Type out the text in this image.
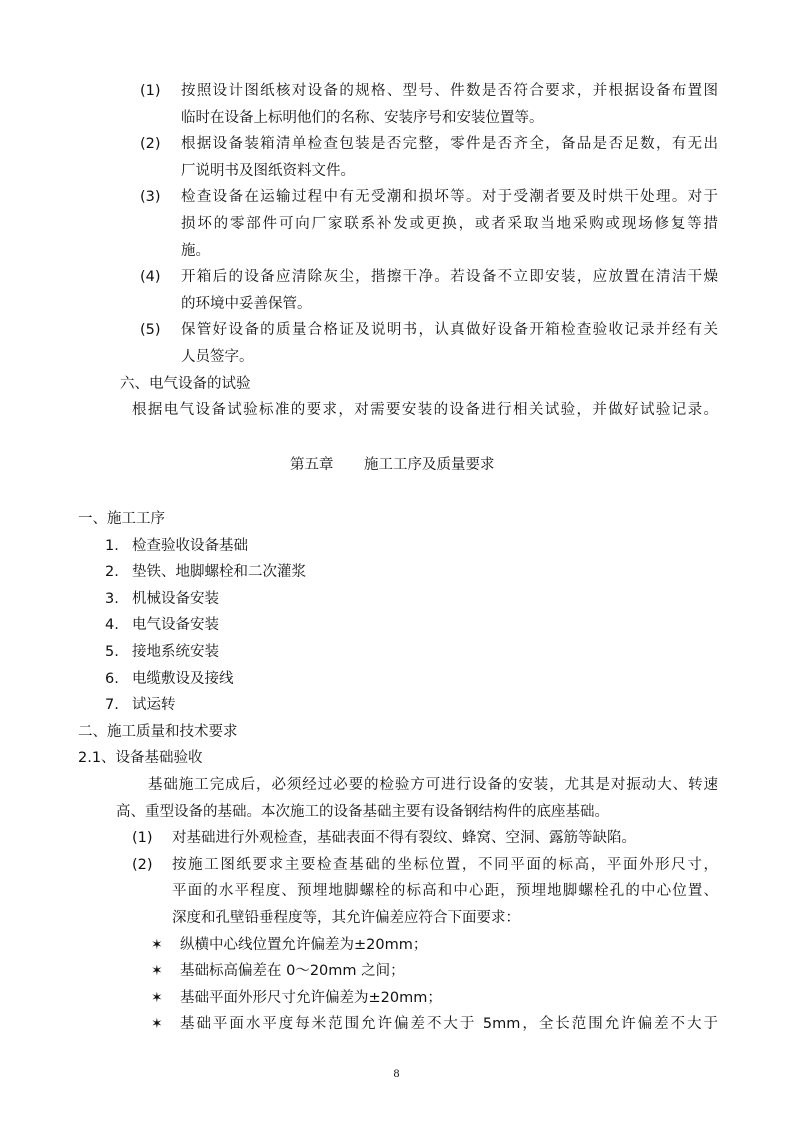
(1) 按照设计图纸核对设备的规格、型号、件数是否符合要求，并根据设备布置图
临时在设备上标明他们的名称、安装序号和安装位置等。
(2) 根据设备装箱清单检查包装是否完整，零件是否齐全，备品是否足数，有无出
厂说明书及图纸资料文件。
(3) 检查设备在运输过程中有无受潮和损坏等。对于受潮者要及时烘干处理。对于
损坏的零部件可向厂家联系补发或更换，或者采取当地采购或现场修复等措
施。
(4) 开箱后的设备应清除灰尘，揩擦干净。若设备不立即安装，应放置在清洁干燥
的环境中妥善保管。
(5) 保管好设备的质量合格证及说明书，认真做好设备开箱检查验收记录并经有关
人员签字。
六、电气设备的试验
根据电气设备试验标准的要求，对需要安装的设备进行相关试验，并做好试验记录。
第五章 施工工序及质量要求
一、施工工序
1. 检查验收设备基础
2. 垫铁、地脚螺栓和二次灌浆
3. 机械设备安装
4. 电气设备安装
5. 接地系统安装
6. 电缆敷设及接线
7. 试运转
二、施工质量和技术要求
2.1、设备基础验收
基础施工完成后，必须经过必要的检验方可进行设备的安装，尤其是对振动大、转速
高、重型设备的基础。本次施工的设备基础主要有设备钢结构件的底座基础。
(1) 对基础进行外观检查，基础表面不得有裂纹、蜂窝、空洞、露筋等缺陷。
(2) 按施工图纸要求主要检查基础的坐标位置，不同平面的标高，平面外形尺寸，
平面的水平程度、预埋地脚螺栓的标高和中心距，预埋地脚螺栓孔的中心位置、
深度和孔壁铅垂程度等，其允许偏差应符合下面要求：
✶ 纵横中心线位置允许偏差为±20mm；
✶ 基础标高偏差在 0～20mm 之间；
✶ 基础平面外形尺寸允许偏差为±20mm；
✶ 基础平面水平度每米范围允许偏差不大于 5mm，全长范围允许偏差不大于
8
